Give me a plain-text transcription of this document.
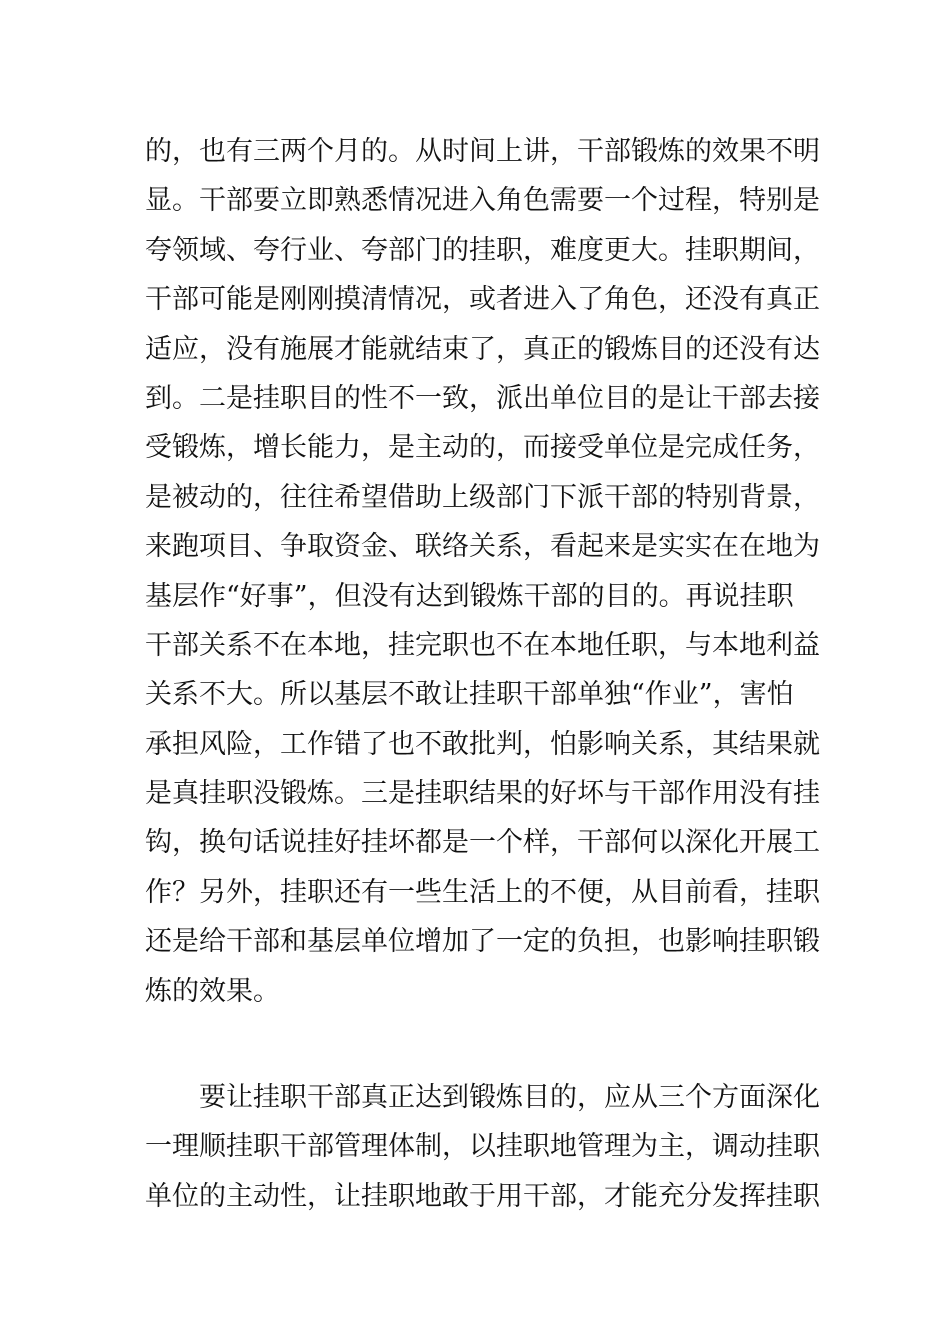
的，也有三两个月的。从时间上讲，干部锻炼的效果不明
显。干部要立即熟悉情况进入角色需要一个过程，特别是
夸领域、夸行业、夸部门的挂职，难度更大。挂职期间，
干部可能是刚刚摸清情况，或者进入了角色，还没有真正
适应，没有施展才能就结束了，真正的锻炼目的还没有达
到。二是挂职目的性不一致，派出单位目的是让干部去接
受锻炼，增长能力，是主动的，而接受单位是完成任务，
是被动的，往往希望借助上级部门下派干部的特别背景，
来跑项目、争取资金、联络关系，看起来是实实在在地为
基层作“好事”，但没有达到锻炼干部的目的。再说挂职
干部关系不在本地，挂完职也不在本地任职，与本地利益
关系不大。所以基层不敢让挂职干部单独“作业”，害怕
承担风险，工作错了也不敢批判，怕影响关系，其结果就
是真挂职没锻炼。三是挂职结果的好坏与干部作用没有挂
钩，换句话说挂好挂坏都是一个样，干部何以深化开展工
作？另外，挂职还有一些生活上的不便，从目前看，挂职
还是给干部和基层单位增加了一定的负担，也影响挂职锻
炼的效果。
要让挂职干部真正达到锻炼目的，应从三个方面深化
一理顺挂职干部管理体制，以挂职地管理为主，调动挂职
单位的主动性，让挂职地敢于用干部，才能充分发挥挂职
